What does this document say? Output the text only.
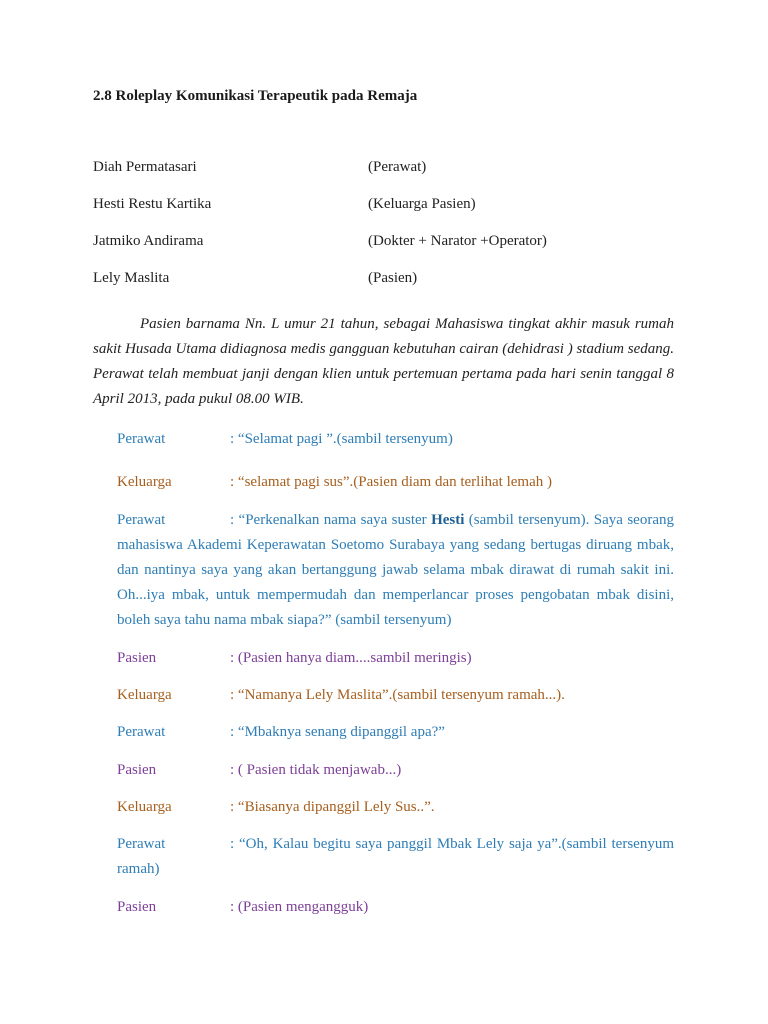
2.8 Roleplay Komunikasi Terapeutik pada Remaja
Diah Permatasari	(Perawat)
Hesti Restu Kartika	(Keluarga Pasien)
Jatmiko Andirama	(Dokter + Narator +Operator)
Lely Maslita	(Pasien)

Pasien barnama Nn. L umur 21 tahun, sebagai Mahasiswa tingkat akhir masuk rumah sakit Husada Utama didiagnosa medis gangguan kebutuhan cairan (dehidrasi ) stadium sedang. Perawat telah membuat janji dengan klien untuk pertemuan pertama pada hari senin tanggal 8 April 2013, pada pukul 08.00 WIB.

Perawat	: “Selamat pagi ”.(sambil tersenyum)
Keluarga	: “selamat pagi sus”.(Pasien diam dan terlihat lemah )
Perawat	: “Perkenalkan nama saya suster Hesti (sambil tersenyum). Saya seorang mahasiswa Akademi Keperawatan Soetomo Surabaya yang sedang bertugas diruang mbak, dan nantinya saya yang akan bertanggung jawab selama mbak dirawat di rumah sakit ini. Oh...iya mbak, untuk mempermudah dan memperlancar proses pengobatan mbak disini, boleh saya tahu nama mbak siapa?” (sambil tersenyum)
Pasien	: (Pasien hanya diam....sambil meringis)
Keluarga	: “Namanya Lely Maslita”.(sambil tersenyum ramah...).
Perawat	: “Mbaknya senang dipanggil apa?”
Pasien	: ( Pasien tidak menjawab...)
Keluarga	: “Biasanya dipanggil Lely Sus..”.
Perawat	: “Oh, Kalau begitu saya panggil Mbak Lely saja ya”.(sambil tersenyum ramah)
Pasien	: (Pasien mengangguk)
